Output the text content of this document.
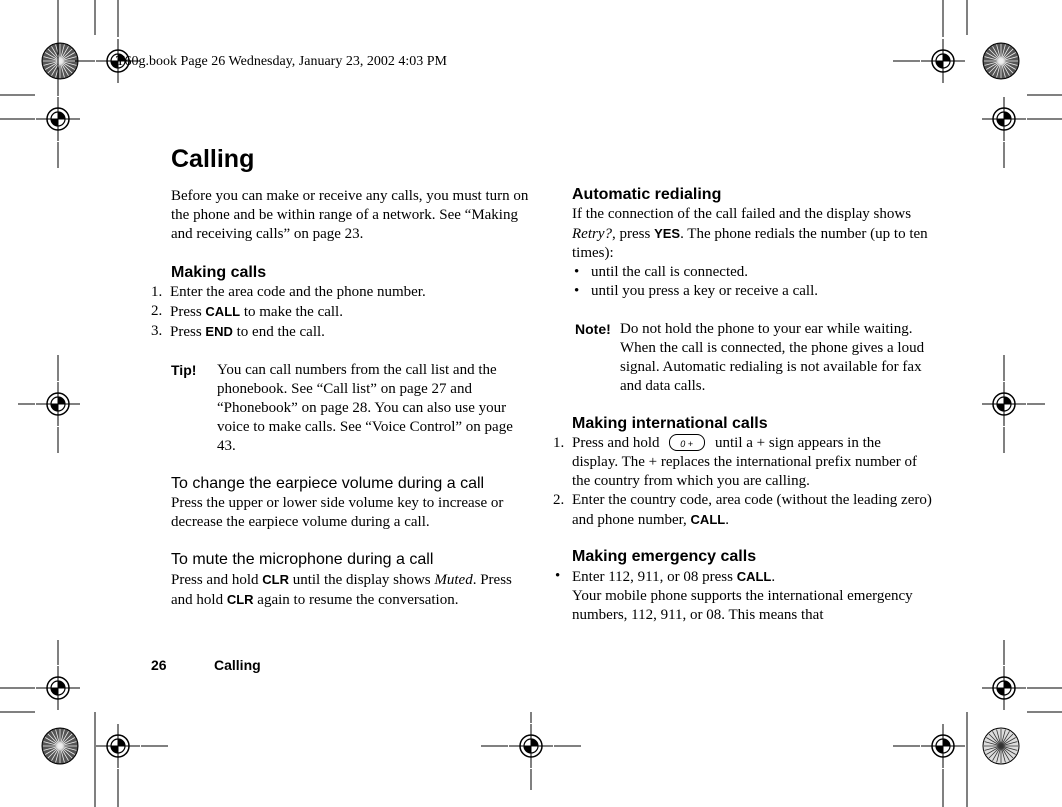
T60g.book Page 26 Wednesday, January 23, 2002 4:03 PM
Calling

Before you can make or receive any calls, you must turn on the phone and be within range of a network. See “Making and receiving calls” on page 23.

Making calls

1. Enter the area code and the phone number.
2. Press CALL to make the call.
3. Press END to end the call.
Tip! You can call numbers from the call list and the phonebook. See “Call list” on page 27 and “Phonebook” on page 28. You can also use your voice to make calls. See “Voice Control” on page 43.

To change the earpiece volume during a call

Press the upper or lower side volume key to increase or decrease the earpiece volume during a call.

To mute the microphone during a call

Press and hold CLR until the display shows Muted. Press and hold CLR again to resume the conversation.

Automatic redialing

If the connection of the call failed and the display shows Retry?, press YES. The phone redials the number (up to ten times):

• until the call is connected.
• until you press a key or receive a call.
Note! Do not hold the phone to your ear while waiting. When the call is connected, the phone gives a loud signal. Automatic redialing is not available for fax and data calls.

Making international calls

1. Press and hold 0 + until a + sign appears in the display. The + replaces the international prefix number of the country from which you are calling.
2. Enter the country code, area code (without the leading zero) and phone number, CALL.

Making emergency calls

• Enter 112, 911, or 08 press CALL.
Your mobile phone supports the international emergency numbers, 112, 911, or 08. This means that
26	Calling
